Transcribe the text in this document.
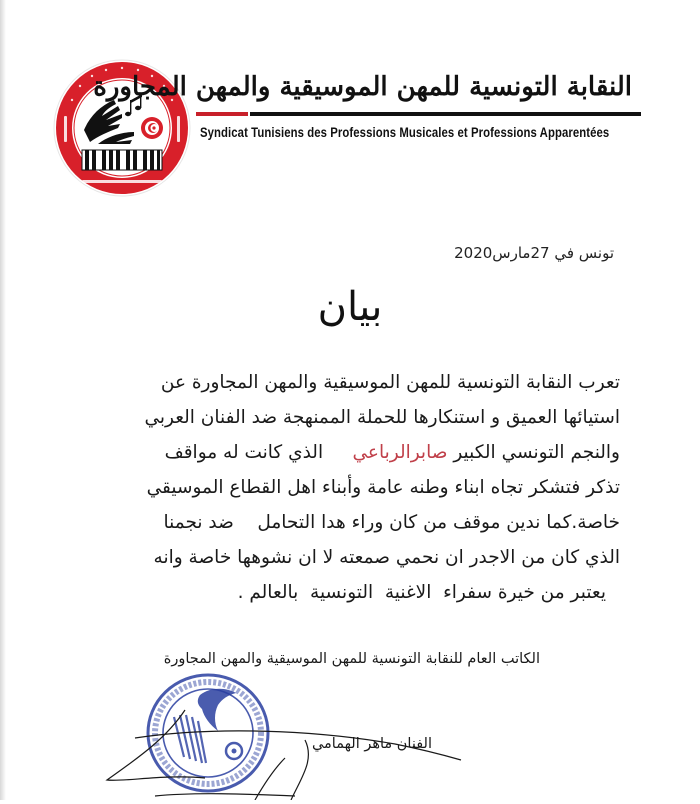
النقابة التونسية للمهن الموسيقية والمهن المجاورة
Syndicat Tunisiens des Professions Musicales et Professions Apparentées
تونس في 27مارس2020
بيان
تعرب النقابة التونسية للمهن الموسيقية والمهن المجاورة عن
استيائها العميق و استنكارها للحملة الممنهجة ضد الفنان العربي
والنجم التونسي الكبير صابرالرباعي     الذي كانت له مواقف
تذكر فتشكر تجاه ابناء وطنه عامة وأبناء اهل القطاع الموسيقي
خاصة.كما ندين موقف من كان وراء هدا التحامل    ضد نجمنا
الذي كان من الاجدر ان نحمي صمعته لا ان نشوهها خاصة وانه
يعتبر من خيرة سفراء  الاغنية  التونسية  بالعالم .
الكاتب العام للنقابة التونسية للمهن الموسيقية والمهن المجاورة
الفنان ماهر الهمامي
